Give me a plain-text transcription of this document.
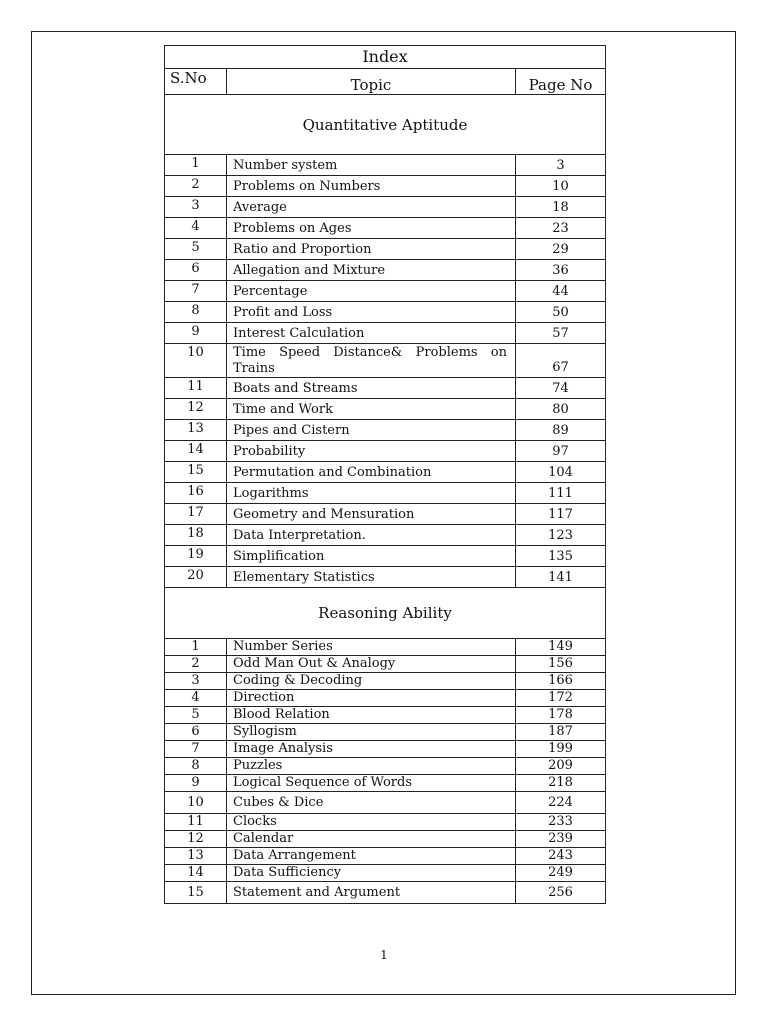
Index		
S.No	Topic	Page No
Quantitative Aptitude		
1	Number system	3
2	Problems on Numbers	10
3	Average	18
4	Problems on Ages	23
5	Ratio and Proportion	29
6	Allegation and Mixture	36
7	Percentage	44
8	Profit and Loss	50
9	Interest Calculation	57
10	Time Speed Distance& Problems on Trains	67
11	Boats and Streams	74
12	Time and Work	80
13	Pipes and Cistern	89
14	Probability	97
15	Permutation and Combination	104
16	Logarithms	111
17	Geometry and Mensuration	117
18	Data Interpretation.	123
19	Simplification	135
20	Elementary Statistics	141
Reasoning Ability		
1	Number Series	149
2	Odd Man Out & Analogy	156
3	Coding & Decoding	166
4	Direction	172
5	Blood Relation	178
6	Syllogism	187
7	Image Analysis	199
8	Puzzles	209
9	Logical Sequence of Words	218
10	Cubes & Dice	224
11	Clocks	233
12	Calendar	239
13	Data Arrangement	243
14	Data Sufficiency	249
15	Statement and Argument	256
1
